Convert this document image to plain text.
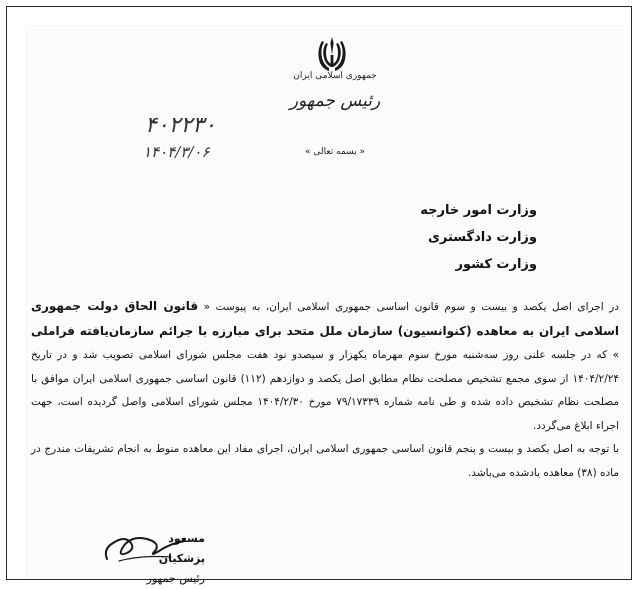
جمهوری اسلامی ایران
رئیس جمهور
۴۰۲۲۳۰
۱۴۰۴/۳/۰۶	« بسمه تعالی »
وزارت امور خارجه
وزارت دادگستری
وزارت کشور

در اجرای اصل یکصد و بیست و سوم قانون اساسی جمهوری اسلامی ایران، به پیوست « قانون الحاق دولت جمهوری اسلامی ایران به معاهده (کنوانسیون) سازمان ملل متحد برای مبارزه با جرائم سازمان‌یافته فراملی » که در جلسه علنی روز سه‌شنبه مورخ سوم مهرماه یکهزار و سیصدو نود هفت مجلس شورای اسلامی تصویب شد و در تاریخ ۱۴۰۴/۲/۲۴ از سوی مجمع تشخیص مصلحت نظام مطابق اصل یکصد و دوازدهم (۱۱۲) قانون اساسی جمهوری اسلامی ایران موافق با مصلحت نظام تشخیص داده شده و طی نامه شماره ۷۹/۱۷۳۳۹ مورخ ۱۴۰۴/۲/۳۰ مجلس شورای اسلامی واصل گردیده است، جهت اجراء ابلاغ می‌گردد.

با توجه به اصل یکصد و بیست و پنجم قانون اساسی جمهوری اسلامی ایران، اجرای مفاد این معاهده منوط به انجام تشریفات مندرج در ماده (۳۸) معاهده یادشده می‌باشد.

مسعود پزشکیان
رئیس جمهور
